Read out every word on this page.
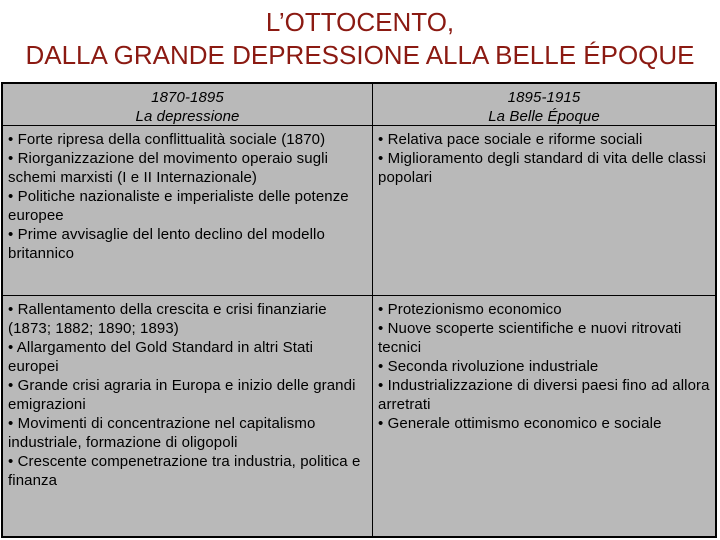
L’OTTOCENTO,
DALLA GRANDE DEPRESSIONE ALLA BELLE ÉPOQUE
1870-1895
La depressione
1895-1915
La Belle Époque
• Forte ripresa della conflittualità sociale (1870)
• Riorganizzazione del movimento operaio sugli schemi marxisti (I e II Internazionale)
• Politiche nazionaliste e imperialiste delle potenze europee
• Prime avvisaglie del lento declino del modello britannico
• Relativa pace sociale e riforme sociali
• Miglioramento degli standard di vita delle classi popolari
• Rallentamento della crescita e crisi finanziarie (1873; 1882; 1890; 1893)
• Allargamento del Gold Standard in altri Stati europei
• Grande crisi agraria in Europa e inizio delle grandi emigrazioni
• Movimenti di concentrazione nel capitalismo industriale, formazione di oligopoli
• Crescente compenetrazione tra industria, politica e finanza
• Protezionismo economico
• Nuove scoperte scientifiche e nuovi ritrovati tecnici
• Seconda rivoluzione industriale
• Industrializzazione di diversi paesi fino ad allora arretrati
• Generale ottimismo economico e sociale
